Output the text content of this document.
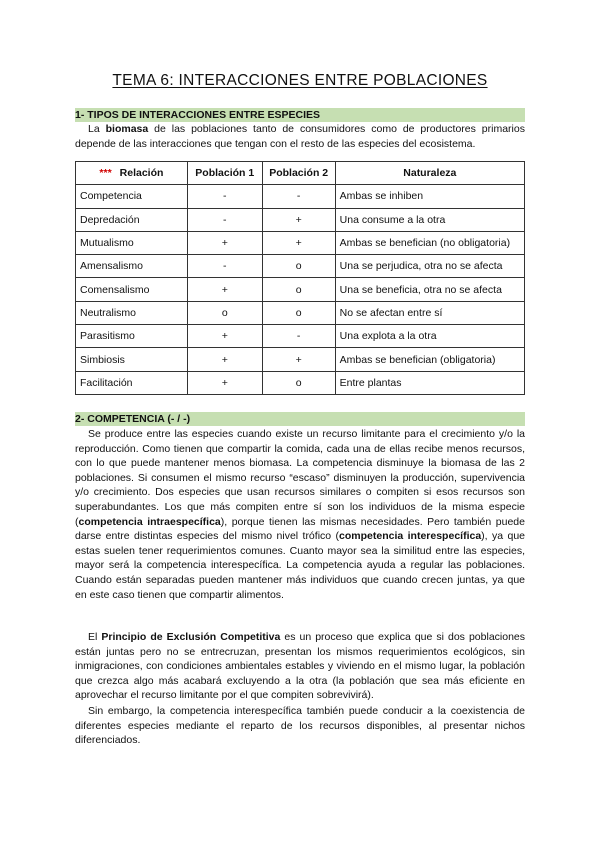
TEMA 6: INTERACCIONES ENTRE POBLACIONES
1- TIPOS DE INTERACCIONES ENTRE ESPECIES

La biomasa de las poblaciones tanto de consumidores como de productores primarios depende de las interacciones que tengan con el resto de las especies del ecosistema.

*** Relación	Población 1	Población 2	Naturaleza
Competencia	-	-	Ambas se inhiben
Depredación	-	+	Una consume a la otra
Mutualismo	+	+	Ambas se benefician (no obligatoria)
Amensalismo	-	o	Una se perjudica, otra no se afecta
Comensalismo	+	o	Una se beneficia, otra no se afecta
Neutralismo	o	o	No se afectan entre sí
Parasitismo	+	-	Una explota a la otra
Simbiosis	+	+	Ambas se benefician (obligatoria)
Facilitación	+	o	Entre plantas
2- COMPETENCIA (- / -)

Se produce entre las especies cuando existe un recurso limitante para el crecimiento y/o la reproducción. Como tienen que compartir la comida, cada una de ellas recibe menos recursos, con lo que puede mantener menos biomasa. La competencia disminuye la biomasa de las 2 poblaciones. Si consumen el mismo recurso “escaso” disminuyen la producción, supervivencia y/o crecimiento. Dos especies que usan recursos similares o compiten si esos recursos son superabundantes. Los que más compiten entre sí son los individuos de la misma especie (competencia intraespecífica), porque tienen las mismas necesidades. Pero también puede darse entre distintas especies del mismo nivel trófico (competencia interespecífica), ya que estas suelen tener requerimientos comunes. Cuanto mayor sea la similitud entre las especies, mayor será la competencia interespecífica. La competencia ayuda a regular las poblaciones. Cuando están separadas pueden mantener más individuos que cuando crecen juntas, ya que en este caso tienen que compartir alimentos.

El Principio de Exclusión Competitiva es un proceso que explica que si dos poblaciones están juntas pero no se entrecruzan, presentan los mismos requerimientos ecológicos, sin inmigraciones, con condiciones ambientales estables y viviendo en el mismo lugar, la población que crezca algo más acabará excluyendo a la otra (la población que sea más eficiente en aprovechar el recurso limitante por el que compiten sobrevivirá).

Sin embargo, la competencia interespecífica también puede conducir a la coexistencia de diferentes especies mediante el reparto de los recursos disponibles, al presentar nichos diferenciados.
